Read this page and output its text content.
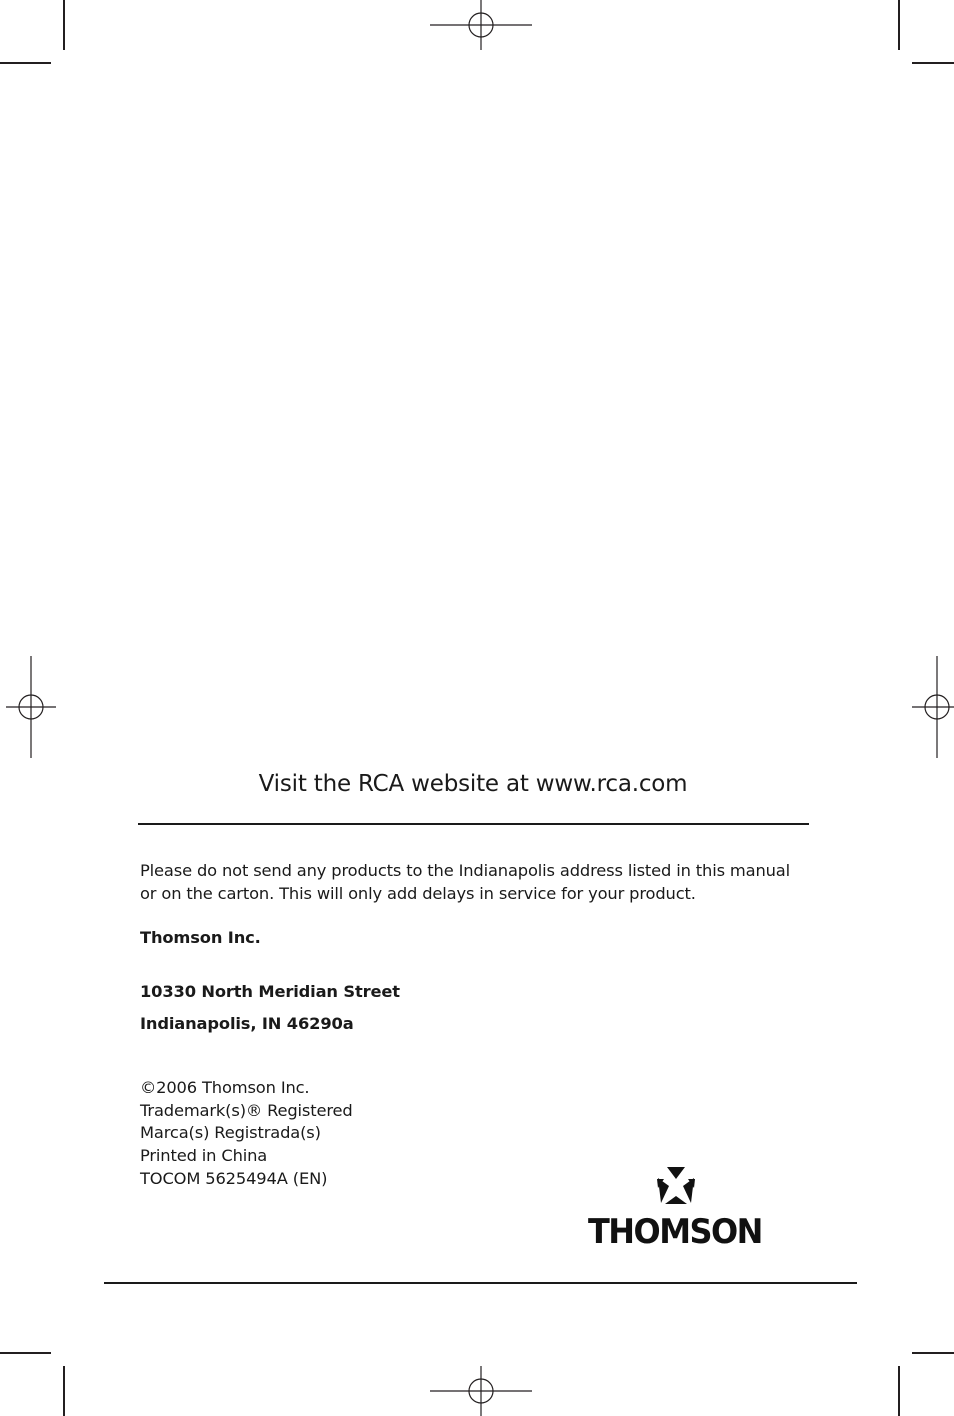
Visit the RCA website at www.rca.com
Please do not send any products to the Indianapolis address listed in this manual
or on the carton. This will only add delays in service for your product.
Thomson Inc.
10330 North Meridian Street
Indianapolis, IN 46290a
©2006 Thomson Inc.
Trademark(s)® Registered
Marca(s) Registrada(s)
Printed in China
TOCOM 5625494A (EN)
THOMSON
